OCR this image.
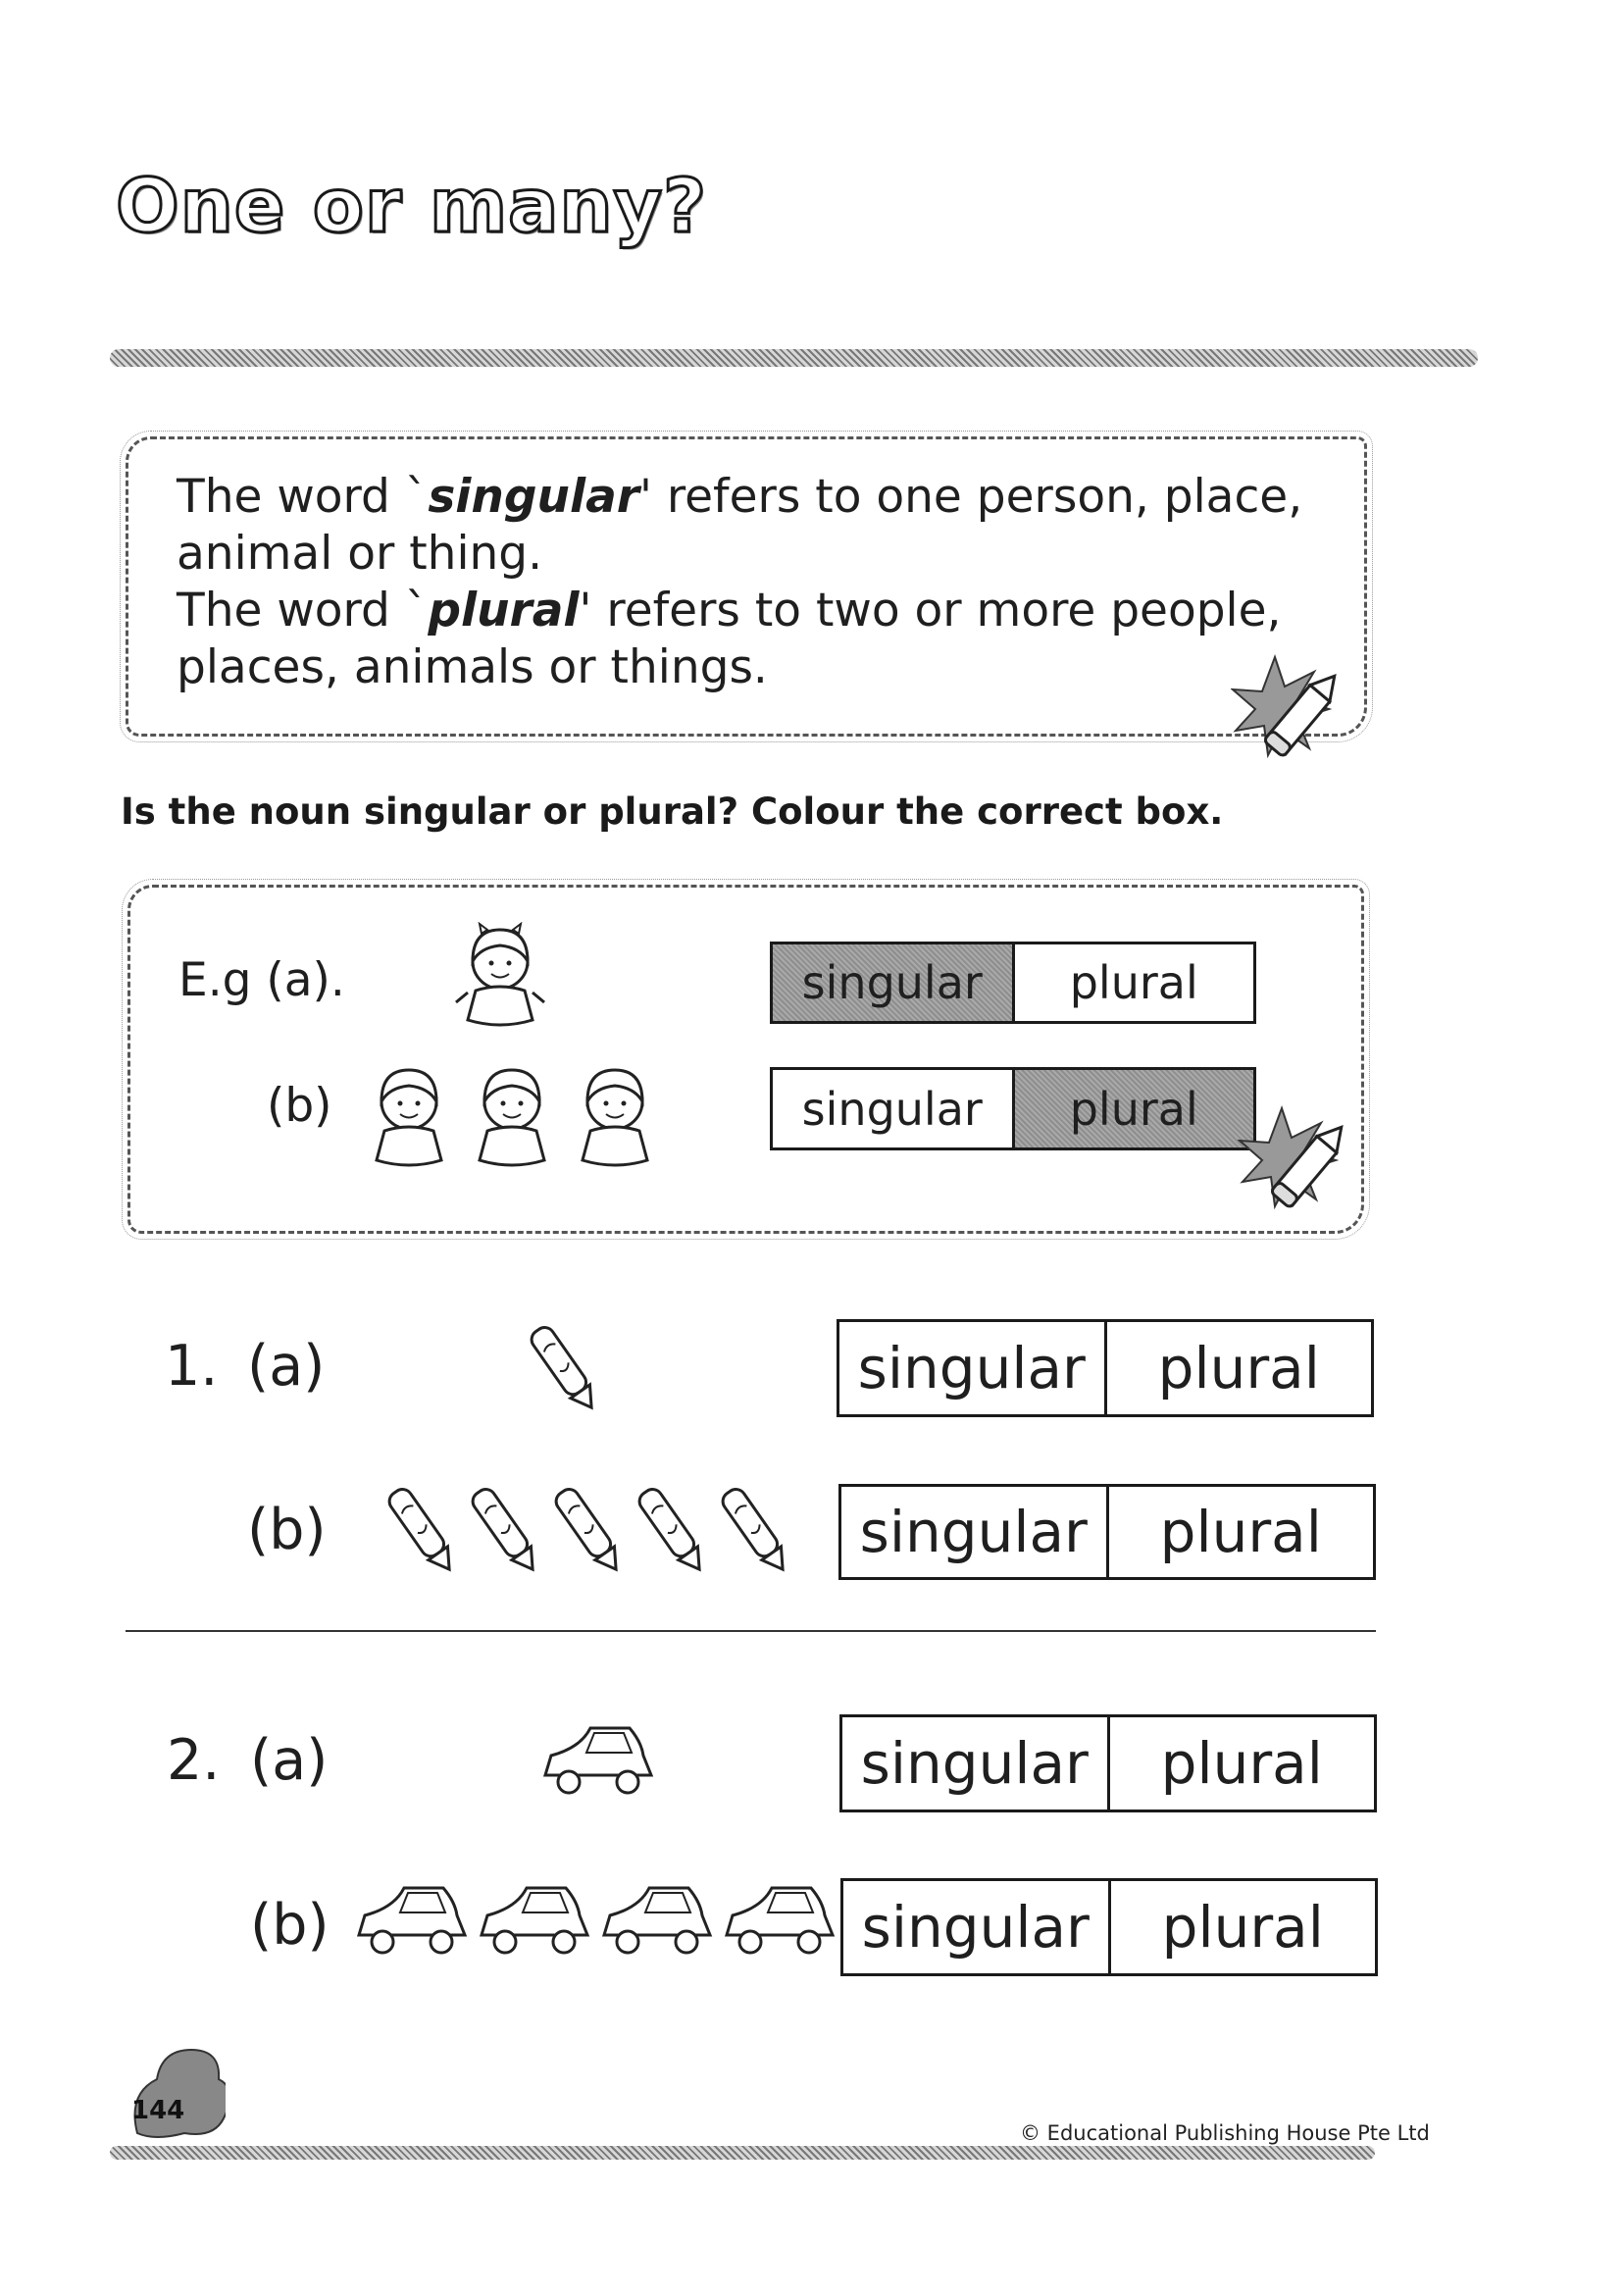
One or many?
The word `singular' refers to one person, place,
animal or thing.
The word `plural' refers to two or more people,
places, animals or things.
Is the noun singular or plural? Colour the correct box.
E.g (a).	singular	plural
(b)	singular	plural
1. (a)	singular	plural
(b)	singular	plural
2. (a)	singular	plural
(b)	singular	plural
144
© Educational Publishing House Pte Ltd
